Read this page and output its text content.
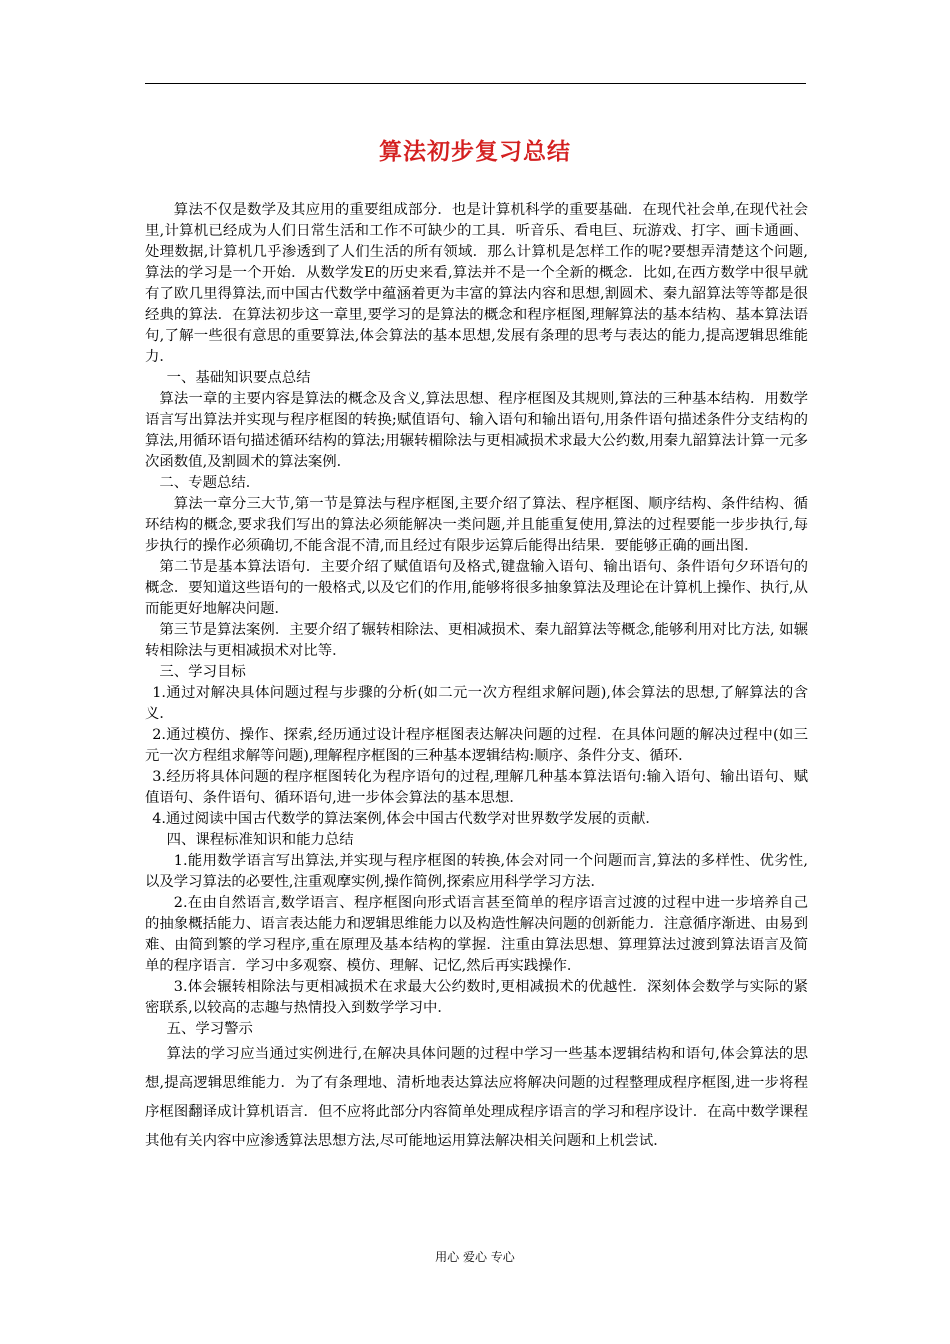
算法初步复习总结

算法不仅是数学及其应用的重要组成部分．也是计算机科学的重要基础．在现代社会单,在现代社会里,计算机已经成为人们日常生活和工作不可缺少的工具．听音乐、看电巨、玩游戏、打字、画卡通画、处理数据,计算机几乎渗透到了人们生活的所有领域．那么计算机是怎样工作的呢?要想弄清楚这个问题,算法的学习是一个开始．从数学发E的历史来看,算法并不是一个全新的概念．比如,在西方数学中很早就有了欧几里得算法,而中国古代数学中蕴涵着更为丰富的算法内容和思想,割圆术、秦九韶算法等等都是很经典的算法．在算法初步这一章里,要学习的是算法的概念和程序框图,理解算法的基本结构、基本算法语句,了解一些很有意思的重要算法,体会算法的基本思想,发展有条理的思考与表达的能力,提高逻辑思维能力．

一、基础知识要点总结

算法一章的主要内容是算法的概念及含义,算法思想、程序框图及其规则,算法的三种基本结构．用数学语言写出算法并实现与程序框图的转换;赋值语句、输入语句和输出语句,用条件语句描述条件分支结构的算法,用循环语句描述循环结构的算法;用辗转楣除法与更相减损术求最大公约数,用秦九韶算法计算一元多次函数值,及割圆术的算法案例．

二、专题总结．

算法一章分三大节,第一节是算法与程序框图,主要介绍了算法、程序框图、顺序结构、条件结构、循环结构的概念,要求我们写出的算法必须能解决一类问题,并且能重复使用,算法的过程要能一步步执行,每步执行的操作必须确切,不能含混不清,而且经过有限步运算后能得出结果．要能够正确的画出图．

第二节是基本算法语句．主要介绍了赋值语句及格式,键盘输入语句、输出语句、条件语句夕环语句的概念．要知道这些语句的一般格式,以及它们的作用,能够将很多抽象算法及理论在计算机上操作、执行,从而能更好地解决问题．

第三节是算法案例．主要介绍了辗转相除法、更相减损术、秦九韶算法等概念,能够利用对比方法, 如辗转相除法与更相减损术对比等．

三、学习目标

1.通过对解决具体问题过程与步骤的分析(如二元一次方程组求解问题),体会算法的思想,了解算法的含义．

2.通过模仿、操作、探索,经历通过设计程序框图表达解决问题的过程．在具体问题的解决过程中(如三元一次方程组求解等问题),理解程序框图的三种基本逻辑结构:顺序、条件分支、循环．

3.经历将具体问题的程序框图转化为程序语句的过程,理解几种基本算法语句:输入语句、输出语句、赋值语句、条件语句、循环语句,进一步体会算法的基本思想．

4.通过阅读中国古代数学的算法案例,体会中国古代数学对世界数学发展的贡献．

四、课程标准知识和能力总结

1.能用数学语言写出算法,并实现与程序框图的转换,体会对同一个问题而言,算法的多样性、优劣性,以及学习算法的必要性,注重观摩实例,操作简例,探索应用科学学习方法．

2.在由自然语言,数学语言、程序框图向形式语言甚至简单的程序语言过渡的过程中进一步培养自己的抽象概括能力、语言表达能力和逻辑思维能力以及构造性解决问题的创新能力．注意循序渐进、由易到难、由简到繁的学习程序,重在原理及基本结构的掌握．注重由算法思想、算理算法过渡到算法语言及简单的程序语言．学习中多观察、模仿、理解、记忆,然后再实践操作．

3.体会辗转相除法与更相减损术在求最大公约数时,更相减损术的优越性．深刻体会数学与实际的紧密联系,以较高的志趣与热情投入到数学学习中．

五、学习警示

算法的学习应当通过实例进行,在解决具体问题的过程中学习一些基本逻辑结构和语句,体会算法的思想,提高逻辑思维能力．为了有条理地、清析地表达算法应将解决问题的过程整理成程序框图,进一步将程序框图翻译成计算机语言．但不应将此部分内容简单处理成程序语言的学习和程序设计．在高中数学课程其他有关内容中应渗透算法思想方法,尽可能地运用算法解决相关问题和上机尝试．

用心 爱心 专心
